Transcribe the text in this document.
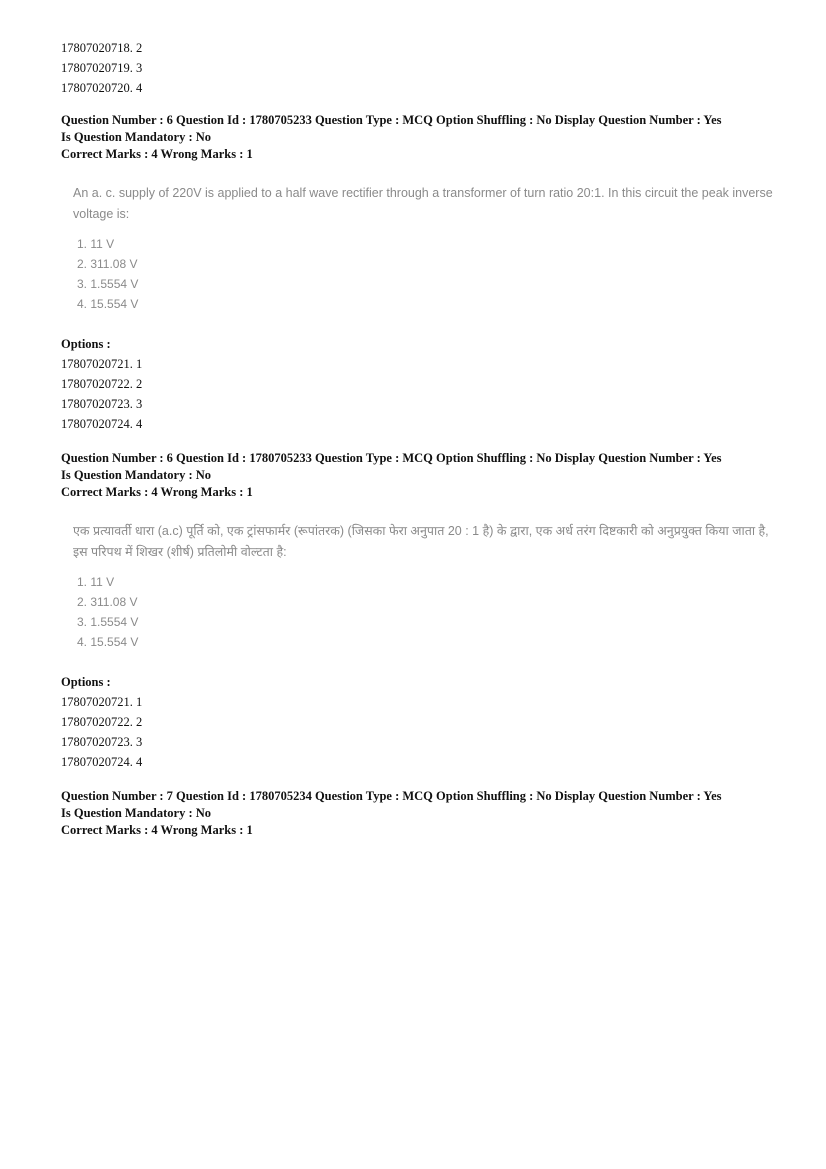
17807020718. 2
17807020719. 3
17807020720. 4
Question Number : 6 Question Id : 1780705233 Question Type : MCQ Option Shuffling : No Display Question Number : Yes
Is Question Mandatory : No
Correct Marks : 4 Wrong Marks : 1
An a. c. supply of 220V is applied to a half wave rectifier through a transformer of turn ratio 20:1. In this circuit the peak inverse voltage is:
1. 11 V
2. 311.08 V
3. 1.5554 V
4. 15.554 V
Options :
17807020721. 1
17807020722. 2
17807020723. 3
17807020724. 4
Question Number : 6 Question Id : 1780705233 Question Type : MCQ Option Shuffling : No Display Question Number : Yes
Is Question Mandatory : No
Correct Marks : 4 Wrong Marks : 1
एक प्रत्यावर्ती धारा (a.c) पूर्ति को, एक ट्रांसफार्मर (रूपांतरक) (जिसका फेरा अनुपात 20 : 1 है) के द्वारा, एक अर्ध तरंग दिष्टकारी को अनुप्रयुक्त किया जाता है, इस परिपथ में शिखर (शीर्ष) प्रतिलोमी वोल्टता है:
1. 11 V
2. 311.08 V
3. 1.5554 V
4. 15.554 V
Options :
17807020721. 1
17807020722. 2
17807020723. 3
17807020724. 4
Question Number : 7 Question Id : 1780705234 Question Type : MCQ Option Shuffling : No Display Question Number : Yes
Is Question Mandatory : No
Correct Marks : 4 Wrong Marks : 1
